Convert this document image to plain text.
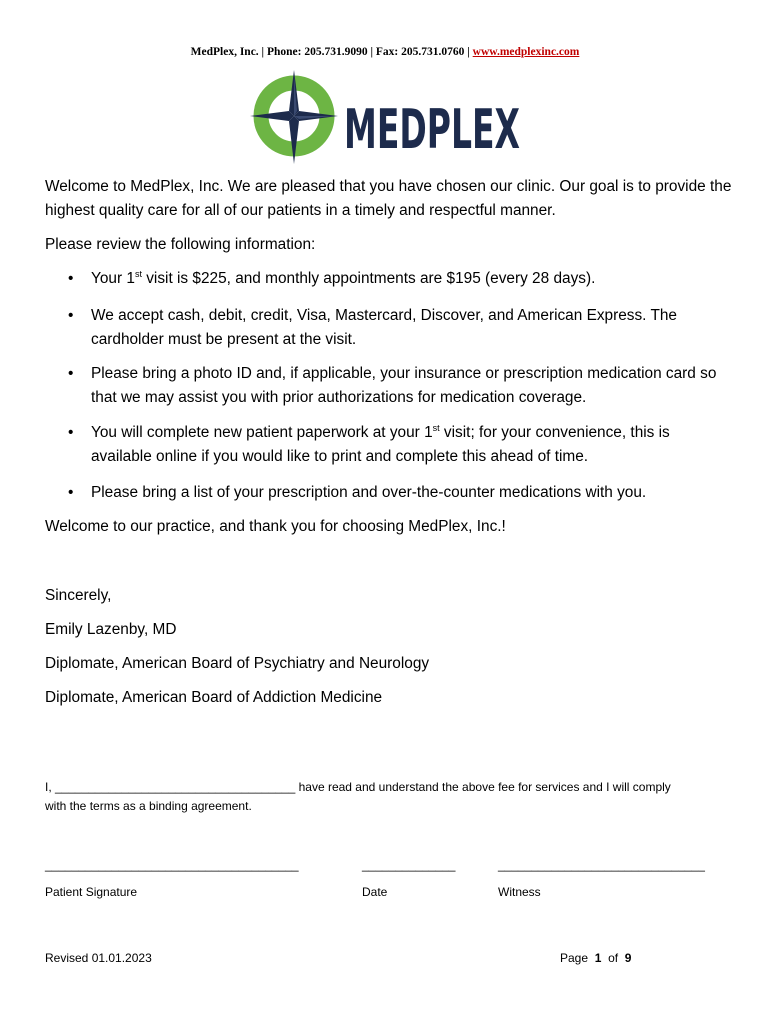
MedPlex, Inc. | Phone: 205.731.9090 | Fax: 205.731.0760 | www.medplexinc.com
MEDPLEX
Welcome to MedPlex, Inc. We are pleased that you have chosen our clinic. Our goal is to provide the highest quality care for all of our patients in a timely and respectful manner.
Please review the following information:
• Your 1st visit is $225, and monthly appointments are $195 (every 28 days).
• We accept cash, debit, credit, Visa, Mastercard, Discover, and American Express. The cardholder must be present at the visit.
• Please bring a photo ID and, if applicable, your insurance or prescription medication card so that we may assist you with prior authorizations for medication coverage.
• You will complete new patient paperwork at your 1st visit; for your convenience, this is available online if you would like to print and complete this ahead of time.
• Please bring a list of your prescription and over-the-counter medications with you.
Welcome to our practice, and thank you for choosing MedPlex, Inc.!
Sincerely,
Emily Lazenby, MD
Diplomate, American Board of Psychiatry and Neurology
Diplomate, American Board of Addiction Medicine
I, ____________________________________ have read and understand the above fee for services and I will comply
with the terms as a binding agreement.
______________________________________	______________	_______________________________
Patient Signature	Date	Witness
Revised 01.01.2023	Page 1 of 9
